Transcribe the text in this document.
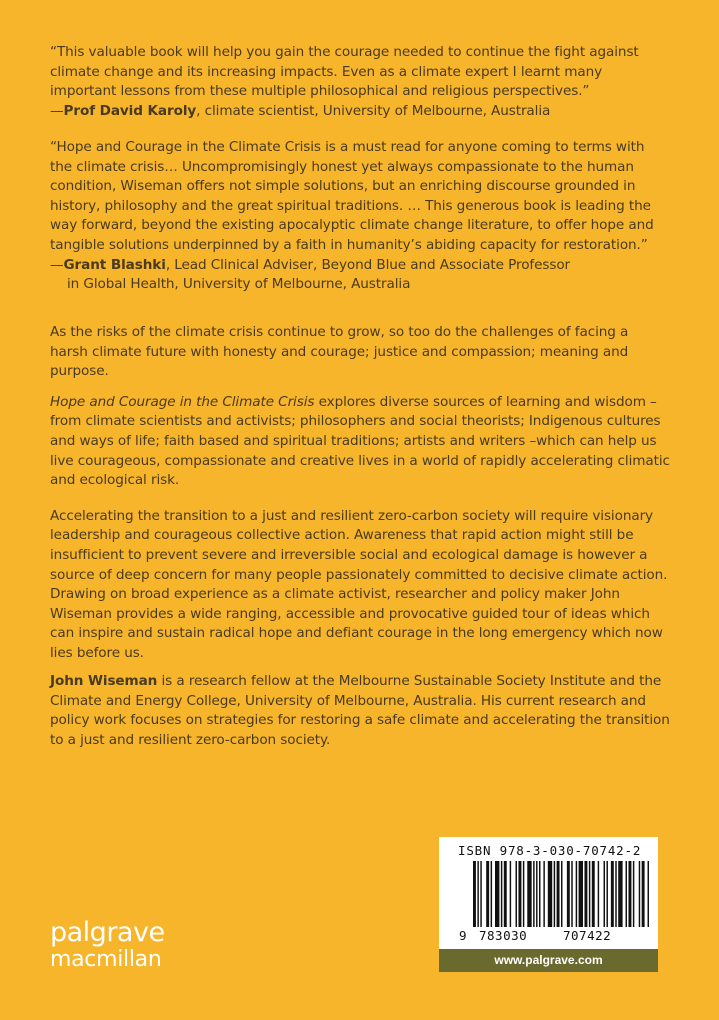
“This valuable book will help you gain the courage needed to continue the fight against climate change and its increasing impacts. Even as a climate expert I learnt many important lessons from these multiple philosophical and religious perspectives.”

—Prof David Karoly, climate scientist, University of Melbourne, Australia

“Hope and Courage in the Climate Crisis is a must read for anyone coming to terms with the climate crisis… Uncompromisingly honest yet always compassionate to the human condition, Wiseman offers not simple solutions, but an enriching discourse grounded in history, philosophy and the great spiritual traditions. … This generous book is leading the way forward, beyond the existing apocalyptic climate change literature, to offer hope and tangible solutions underpinned by a faith in humanity’s abiding capacity for restoration.”

—Grant Blashki, Lead Clinical Adviser, Beyond Blue and Associate Professor
in Global Health, University of Melbourne, Australia

As the risks of the climate crisis continue to grow, so too do the challenges of facing a harsh climate future with honesty and courage; justice and compassion; meaning and purpose.

Hope and Courage in the Climate Crisis explores diverse sources of learning and wisdom – from climate scientists and activists; philosophers and social theorists; Indigenous cultures and ways of life; faith based and spiritual traditions; artists and writers –which can help us live courageous, compassionate and creative lives in a world of rapidly accelerating climatic and ecological risk.

Accelerating the transition to a just and resilient zero-carbon society will require visionary leadership and courageous collective action. Awareness that rapid action might still be insufficient to prevent severe and irreversible social and ecological damage is however a source of deep concern for many people passionately committed to decisive climate action. Drawing on broad experience as a climate activist, researcher and policy maker John Wiseman provides a wide ranging, accessible and provocative guided tour of ideas which can inspire and sustain radical hope and defiant courage in the long emergency which now lies before us.

John Wiseman is a research fellow at the Melbourne Sustainable Society Institute and the Climate and Energy College, University of Melbourne, Australia. His current research and policy work focuses on strategies for restoring a safe climate and accelerating the transition to a just and resilient zero-carbon society.

palgrave
macmillan
ISBN 978-3-030-70742-2
9 783030	707422
www.palgrave.com
